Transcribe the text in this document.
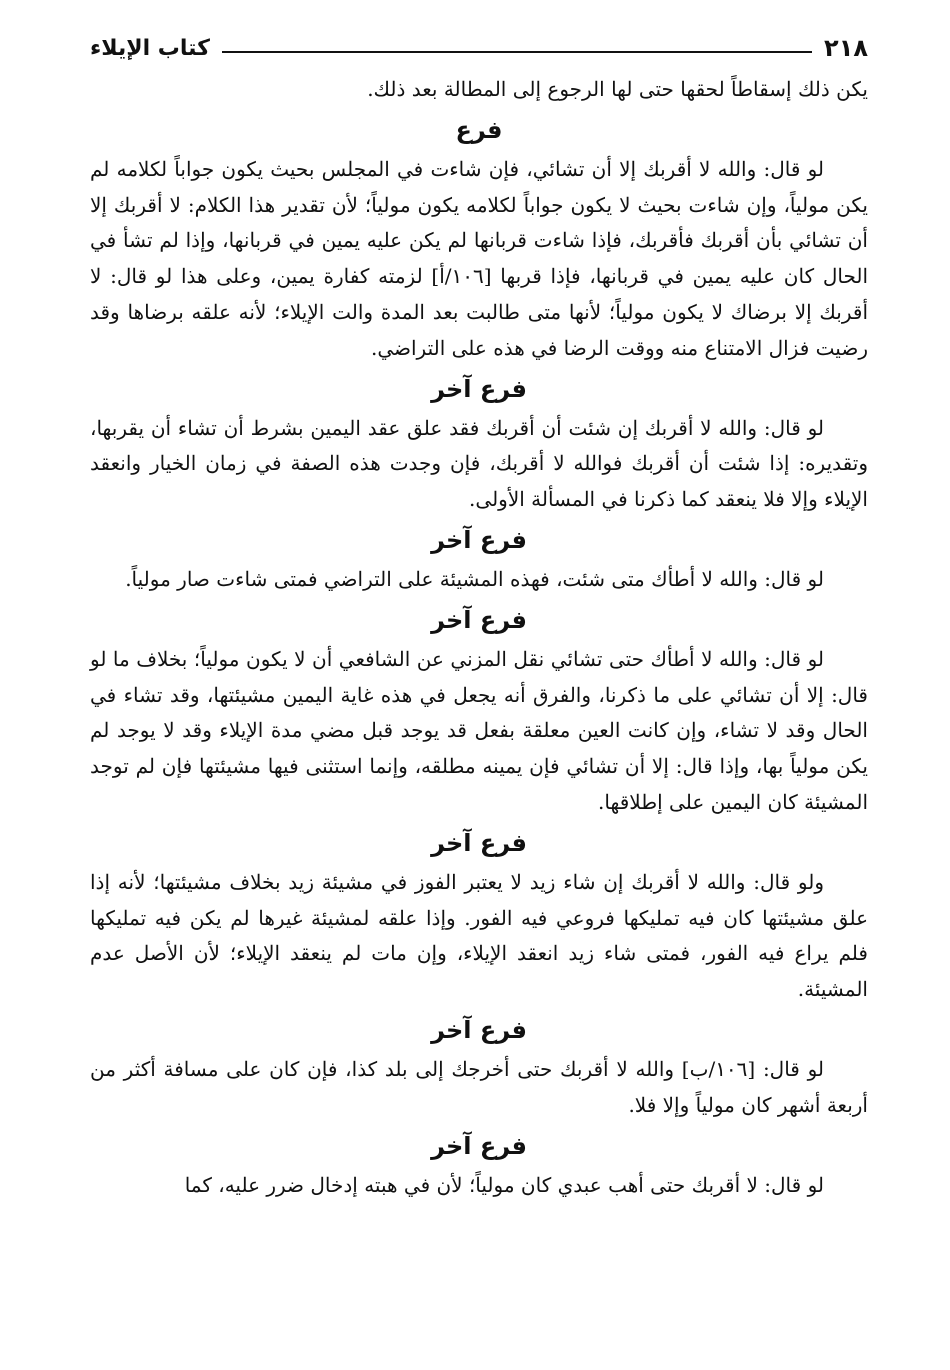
٢١٨
كتاب الإيلاء

يكن ذلك إسقاطاً لحقها حتى لها الرجوع إلى المطالة بعد ذلك.

فرع

لو قال: والله لا أقربك إلا أن تشائي، فإن شاءت في المجلس بحيث يكون جواباً لكلامه لم يكن مولياً، وإن شاءت بحيث لا يكون جواباً لكلامه يكون مولياً؛ لأن تقدير هذا الكلام: لا أقربك إلا أن تشائي بأن أقربك فأقربك، فإذا شاءت قربانها لم يكن عليه يمين في قربانها، وإذا لم تشأ في الحال كان عليه يمين في قربانها، فإذا قربها [١٠٦/أ] لزمته كفارة يمين، وعلى هذا لو قال: لا أقربك إلا برضاك لا يكون مولياً؛ لأنها متى طالبت بعد المدة والت الإيلاء؛ لأنه علقه برضاها وقد رضيت فزال الامتناع منه ووقت الرضا في هذه على التراضي.

فرع آخر

لو قال: والله لا أقربك إن شئت أن أقربك فقد علق عقد اليمين بشرط أن تشاء أن يقربها، وتقديره: إذا شئت أن أقربك فوالله لا أقربك، فإن وجدت هذه الصفة في زمان الخيار وانعقد الإيلاء وإلا فلا ينعقد كما ذكرنا في المسألة الأولى.

فرع آخر

لو قال: والله لا أطأك متى شئت، فهذه المشيئة على التراضي فمتى شاءت صار مولياً.

فرع آخر

لو قال: والله لا أطأك حتى تشائي نقل المزني عن الشافعي أن لا يكون مولياً؛ بخلاف ما لو قال: إلا أن تشائي على ما ذكرنا، والفرق أنه يجعل في هذه غاية اليمين مشيئتها، وقد تشاء في الحال وقد لا تشاء، وإن كانت العين معلقة بفعل قد يوجد قبل مضي مدة الإيلاء وقد لا يوجد لم يكن مولياً بها، وإذا قال: إلا أن تشائي فإن يمينه مطلقه، وإنما استثنى فيها مشيئتها فإن لم توجد المشيئة كان اليمين على إطلاقها.

فرع آخر

ولو قال: والله لا أقربك إن شاء زيد لا يعتبر الفوز في مشيئة زيد بخلاف مشيئتها؛ لأنه إذا علق مشيئتها كان فيه تمليكها فروعي فيه الفور. وإذا علقه لمشيئة غيرها لم يكن فيه تمليكها فلم يراع فيه الفور، فمتى شاء زيد انعقد الإيلاء، وإن مات لم ينعقد الإيلاء؛ لأن الأصل عدم المشيئة.

فرع آخر

لو قال: [١٠٦/ب] والله لا أقربك حتى أخرجك إلى بلد كذا، فإن كان على مسافة أكثر من أربعة أشهر كان مولياً وإلا فلا.

فرع آخر

لو قال: لا أقربك حتى أهب عبدي كان مولياً؛ لأن في هبته إدخال ضرر عليه، كما
